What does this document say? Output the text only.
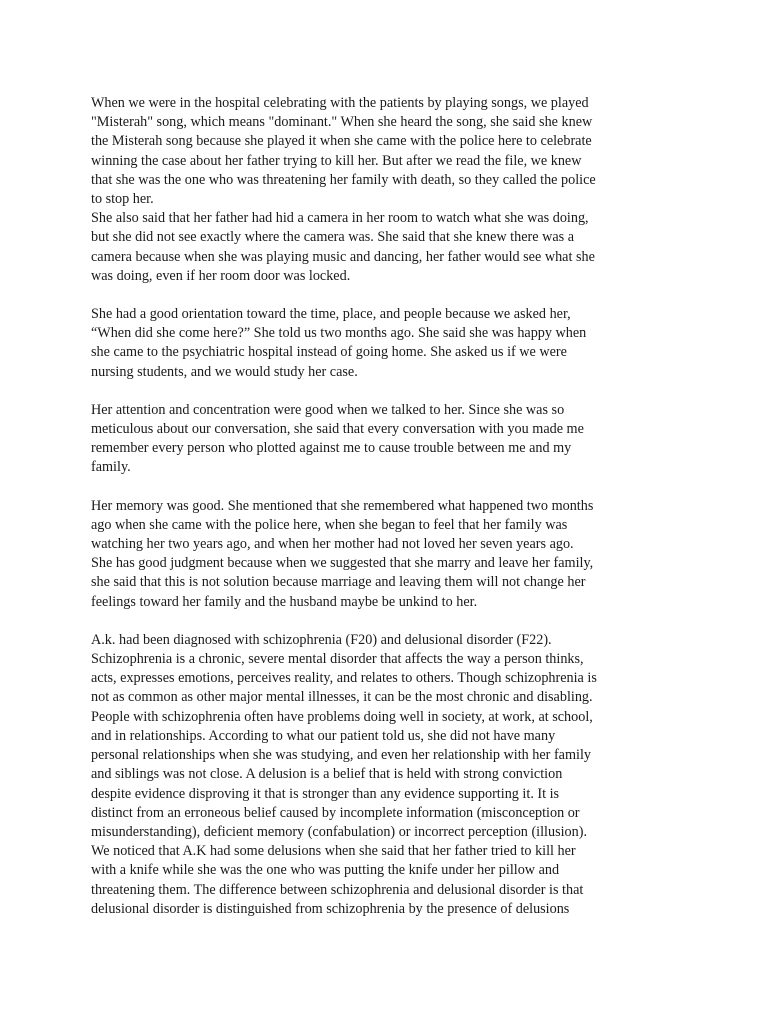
When we were in the hospital celebrating with the patients by playing songs, we played
"Misterah" song, which means "dominant." When she heard the song, she said she knew
the Misterah song because she played it when she came with the police here to celebrate
winning the case about her father trying to kill her. But after we read the file, we knew
that she was the one who was threatening her family with death, so they called the police
to stop her.

She also said that her father had hid a camera in her room to watch what she was doing,
but she did not see exactly where the camera was. She said that she knew there was a
camera because when she was playing music and dancing, her father would see what she
was doing, even if her room door was locked.

She had a good orientation toward the time, place, and people because we asked her,
“When did she come here?” She told us two months ago. She said she was happy when
she came to the psychiatric hospital instead of going home. She asked us if we were
nursing students, and we would study her case.

Her attention and concentration were good when we talked to her. Since she was so
meticulous about our conversation, she said that every conversation with you made me
remember every person who plotted against me to cause trouble between me and my
family.

Her memory was good. She mentioned that she remembered what happened two months
ago when she came with the police here, when she began to feel that her family was
watching her two years ago, and when her mother had not loved her seven years ago.
She has good judgment because when we suggested that she marry and leave her family,
she said that this is not solution because marriage and leaving them will not change her
feelings toward her family and the husband maybe be unkind to her.

A.k. had been diagnosed with schizophrenia (F20) and delusional disorder (F22).
Schizophrenia is a chronic, severe mental disorder that affects the way a person thinks,
acts, expresses emotions, perceives reality, and relates to others. Though schizophrenia is
not as common as other major mental illnesses, it can be the most chronic and disabling.
People with schizophrenia often have problems doing well in society, at work, at school,
and in relationships. According to what our patient told us, she did not have many
personal relationships when she was studying, and even her relationship with her family
and siblings was not close. A delusion is a belief that is held with strong conviction
despite evidence disproving it that is stronger than any evidence supporting it. It is
distinct from an erroneous belief caused by incomplete information (misconception or
misunderstanding), deficient memory (confabulation) or incorrect perception (illusion).
We noticed that A.K had some delusions when she said that her father tried to kill her
with a knife while she was the one who was putting the knife under her pillow and
threatening them. The difference between schizophrenia and delusional disorder is that
delusional disorder is distinguished from schizophrenia by the presence of delusions
